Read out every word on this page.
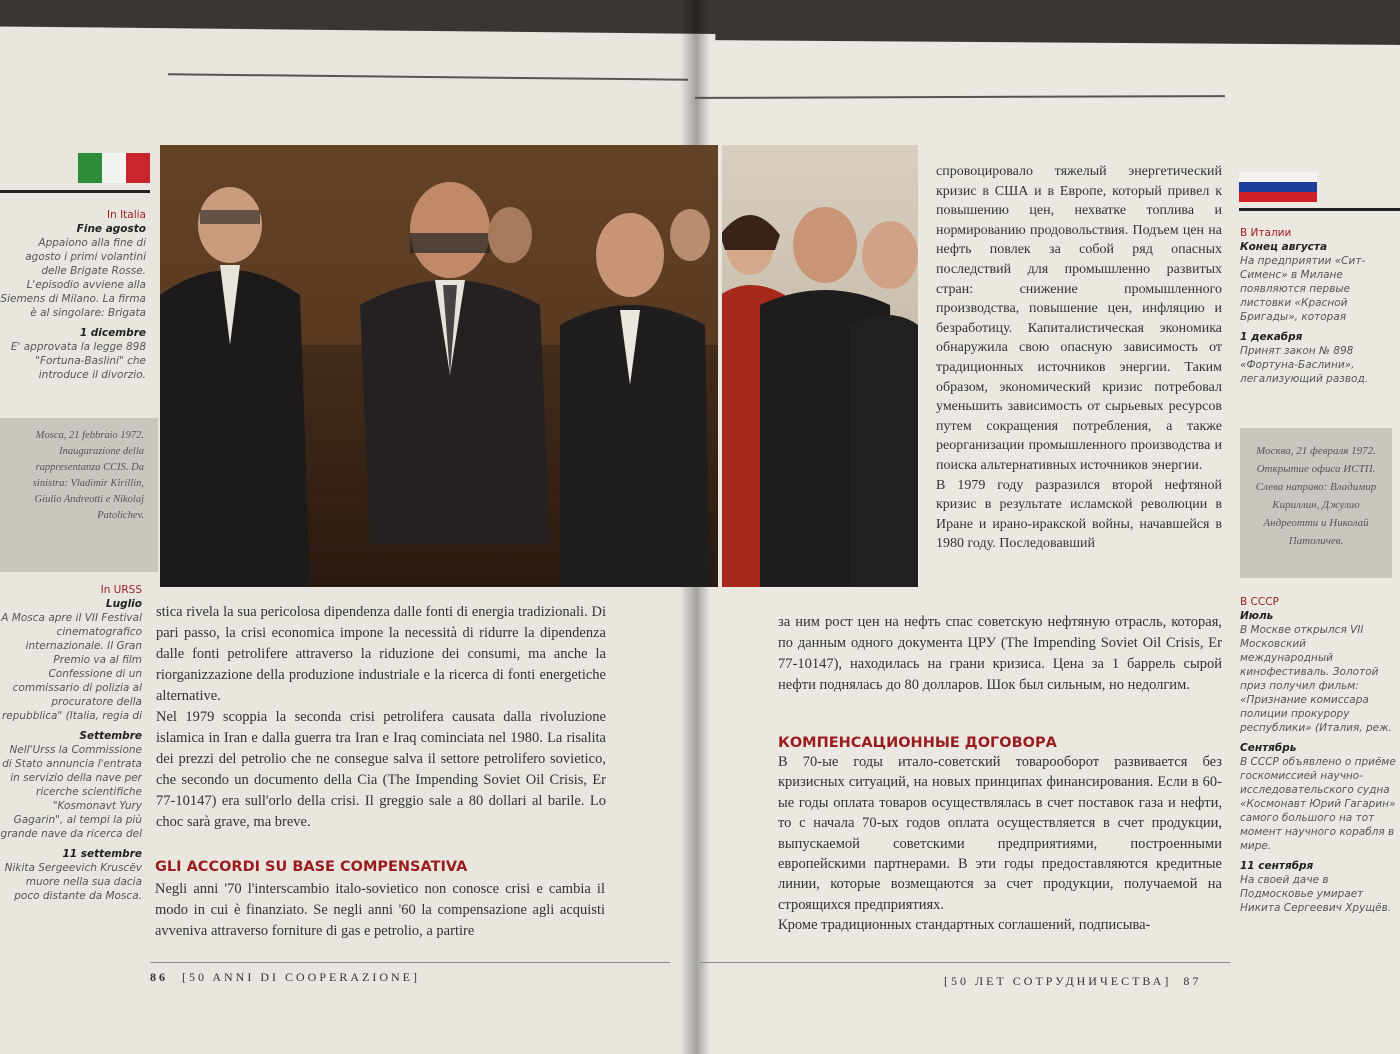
In Italia
Fine agosto

Appaiono alla fine di agosto i primi volantini delle Brigate Rosse. L'episodio avviene alla Siemens di Milano. La firma è al singolare: Brigata

1 dicembre

E' approvata la legge 898 "Fortuna-Baslini" che introduce il divorzio.

Mosca, 21 febbraio 1972. Inaugurazione della rappresentanza CCIS. Da sinistra: Vladimir Kirillin, Giulio Andreotti e Nikolaj Patolichev.
In URSS
Luglio

A Mosca apre il VII Festival cinematografico internazionale. Il Gran Premio va al film Confessione di un commissario di polizia al procuratore della repubblica" (Italia, regia di

Settembre

Nell'Urss la Commissione di Stato annuncia l'entrata in servizio della nave per ricerche scientifiche "Kosmonavt Yury Gagarin", al tempi la più grande nave da ricerca del

11 settembre

Nikita Sergeevich Kruscëv muore nella sua dacia poco distante da Mosca.

stica rivela la sua pericolosa dipendenza dalle fonti di energia tradizionali. Di pari passo, la crisi economica impone la necessità di ridurre la dipendenza dalle fonti petrolifere attraverso la riduzione dei consumi, ma anche la riorganizzazione della produzione industriale e la ricerca di fonti energetiche alternative.

Nel 1979 scoppia la seconda crisi petrolifera causata dalla rivoluzione islamica in Iran e dalla guerra tra Iran e Iraq cominciata nel 1980. La risalita dei prezzi del petrolio che ne consegue salva il settore petrolifero sovietico, che secondo un documento della Cia (The Impending Soviet Oil Crisis, Er 77-10147) era sull'orlo della crisi. Il greggio sale a 80 dollari al barile. Lo choc sarà grave, ma breve.

GLI ACCORDI SU BASE COMPENSATIVA

Negli anni '70 l'interscambio italo-sovietico non conosce crisi e cambia il modo in cui è finanziato. Se negli anni '60 la compensazione agli acquisti avveniva attraverso forniture di gas e petrolio, a partire

спровоцировало тяжелый энергетический кризис в США и в Европе, который привел к повышению цен, нехватке топлива и нормированию продовольствия. Подъем цен на нефть повлек за собой ряд опасных последствий для промышленно развитых стран: снижение промышленного производства, повышение цен, инфляцию и безработицу. Капиталистическая экономика обнаружила свою опасную зависимость от традиционных источников энергии. Таким образом, экономический кризис потребовал уменьшить зависимость от сырьевых ресурсов путем сокращения потребления, а также реорганизации промышленного производства и поиска альтернативных источников энергии.

В 1979 году разразился второй нефтяной кризис в результате исламской революции в Иране и ирано-иракской войны, начавшейся в 1980 году. Последовавший

за ним рост цен на нефть спас советскую нефтяную отрасль, которая, по данным одного документа ЦРУ (The Impending Soviet Oil Crisis, Er 77-10147), находилась на грани кризиса. Цена за 1 баррель сырой нефти поднялась до 80 долларов. Шок был сильным, но недолгим.

КОМПЕНСАЦИОННЫЕ ДОГОВОРА

В 70-ые годы итало-советский товарооборот развивается без кризисных ситуаций, на новых принципах финансирования. Если в 60-ые годы оплата товаров осуществлялась в счет поставок газа и нефти, то с начала 70-ых годов оплата осуществляется в счет продукции, выпускаемой советскими предприятиями, построенными европейскими партнерами. В эти годы предоставляются кредитные линии, которые возмещаются за счет продукции, получаемой на строящихся предприятиях.

Кроме традиционных стандартных соглашений, подписыва-

В Италии
Конец августа

На предприятии «Сит-Сименс» в Милане появляются первые листовки «Красной Бригады», которая

1 декабря

Принят закон № 898 «Фортуна-Баслини», легализующий развод.

Москва, 21 февраля 1972. Открытие офиса ИСТП. Слева направо: Владимир Кириллин, Джулио Андреотти и Николай Патоличев.
В СССР
Июль

В Москве открылся VII Московский международный кинофестиваль. Золотой приз получил фильм: «Признание комиссара полиции прокурору республики» (Италия, реж.

Сентябрь

В СССР объявлено о приёме госкомиссией научно-исследовательского судна «Космонавт Юрий Гагарин» самого большого на тот момент научного корабля в мире.

11 сентября

На своей даче в Подмосковье умирает Никита Сергеевич Хрущёв.

86 [50 ANNI DI COOPERAZIONE]	[50 ЛЕТ СОТРУДНИЧЕСТВА] 87
